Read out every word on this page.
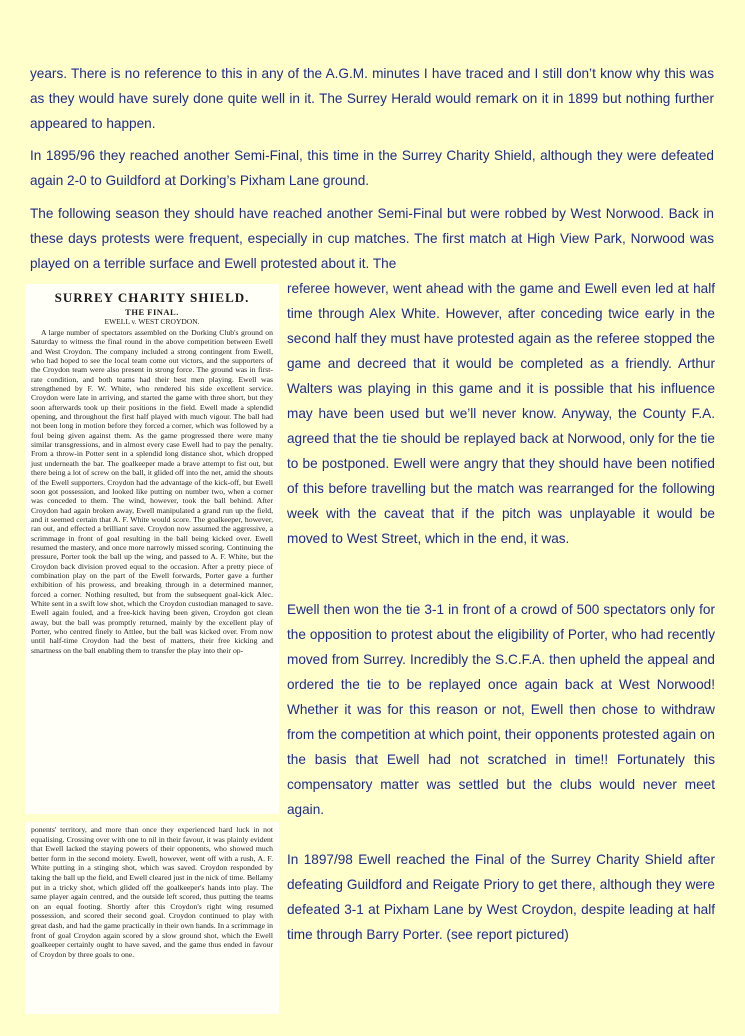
years. There is no reference to this in any of the A.G.M. minutes I have traced and I still don’t know why this was as they would have surely done quite well in it. The Surrey Herald would remark on it in 1899 but nothing further appeared to happen.

In 1895/96 they reached another Semi-Final, this time in the Surrey Charity Shield, although they were defeated again 2-0 to Guildford at Dorking’s Pixham Lane ground.

The following season they should have reached another Semi-Final but were robbed by West Norwood. Back in these days protests were frequent, especially in cup matches. The first match at High View Park, Norwood was played on a terrible surface and Ewell protested about it. The

referee however, went ahead with the game and Ewell even led at half time through Alex White. However, after conceding twice early in the second half they must have protested again as the referee stopped the game and decreed that it would be completed as a friendly. Arthur Walters was playing in this game and it is possible that his influence may have been used but we’ll never know. Anyway, the County F.A. agreed that the tie should be replayed back at Norwood, only for the tie to be postponed. Ewell were angry that they should have been notified of this before travelling but the match was rearranged for the following week with the caveat that if the pitch was unplayable it would be moved to West Street, which in the end, it was.

Ewell then won the tie 3-1 in front of a crowd of 500 spectators only for the opposition to protest about the eligibility of Porter, who had recently moved from Surrey. Incredibly the S.C.F.A. then upheld the appeal and ordered the tie to be replayed once again back at West Norwood! Whether it was for this reason or not, Ewell then chose to withdraw from the competition at which point, their opponents protested again on the basis that Ewell had not scratched in time!! Fortunately this compensatory matter was settled but the clubs would never meet again.

In 1897/98 Ewell reached the Final of the Surrey Charity Shield after defeating Guildford and Reigate Priory to get there, although they were defeated 3-1 at Pixham Lane by West Croydon, despite leading at half time through Barry Porter. (see report pictured)

SURREY CHARITY SHIELD.
THE FINAL.
EWELL v. WEST CROYDON.

A large number of spectators assembled on the Dorking Club's ground on Saturday to witness the final round in the above competition between Ewell and West Croydon. The company included a strong contingent from Ewell, who had hoped to see the local team come out victors, and the supporters of the Croydon team were also present in strong force. The ground was in first-rate condition, and both teams had their best men playing. Ewell was strengthened by F. W. White, who rendered his side excellent service. Croydon were late in arriving, and started the game with three short, but they soon afterwards took up their positions in the field. Ewell made a splendid opening, and throughout the first half played with much vigour. The ball had not been long in motion before they forced a corner, which was followed by a foul being given against them. As the game progressed there were many similar transgressions, and in almost every case Ewell had to pay the penalty. From a throw-in Potter sent in a splendid long distance shot, which dropped just underneath the bar. The goalkeeper made a brave attempt to fist out, but there being a lot of screw on the ball, it glided off into the net, amid the shouts of the Ewell supporters. Croydon had the advantage of the kick-off, but Ewell soon got possession, and looked like putting on number two, when a corner was conceded to them. The wind, however, took the ball behind. After Croydon had again broken away, Ewell manipulated a grand run up the field, and it seemed certain that A. F. White would score. The goalkeeper, however, ran out, and effected a brilliant save. Croydon now assumed the aggressive, a scrimmage in front of goal resulting in the ball being kicked over. Ewell resumed the mastery, and once more narrowly missed scoring. Continuing the pressure, Porter took the ball up the wing, and passed to A. F. White, but the Croydon back division proved equal to the occasion. After a pretty piece of combination play on the part of the Ewell forwards, Porter gave a further exhibition of his prowess, and breaking through in a determined manner, forced a corner. Nothing resulted, but from the subsequent goal-kick Alec. White sent in a swift low shot, which the Croydon custodian managed to save. Ewell again fouled, and a free-kick having been given, Croydon got clean away, but the ball was promptly returned, mainly by the excellent play of Porter, who centred finely to Attlee, but the ball was kicked over. From now until half-time Croydon had the best of matters, their free kicking and smartness on the ball enabling them to transfer the play into their op-

ponents' territory, and more than once they experienced hard luck in not equalising. Crossing over with one to nil in their favour, it was plainly evident that Ewell lacked the staying powers of their opponents, who showed much better form in the second moiety. Ewell, however, went off with a rush, A. F. White putting in a stinging shot, which was saved. Croydon responded by taking the ball up the field, and Ewell cleared just in the nick of time. Bellamy put in a tricky shot, which glided off the goalkeeper's hands into play. The same player again centred, and the outside left scored, thus putting the teams on an equal footing. Shortly after this Croydon's right wing resumed possession, and scored their second goal. Croydon continued to play with great dash, and had the game practically in their own hands. In a scrimmage in front of goal Croydon again scored by a slow ground shot, which the Ewell goalkeeper certainly ought to have saved, and the game thus ended in favour of Croydon by three goals to one.
